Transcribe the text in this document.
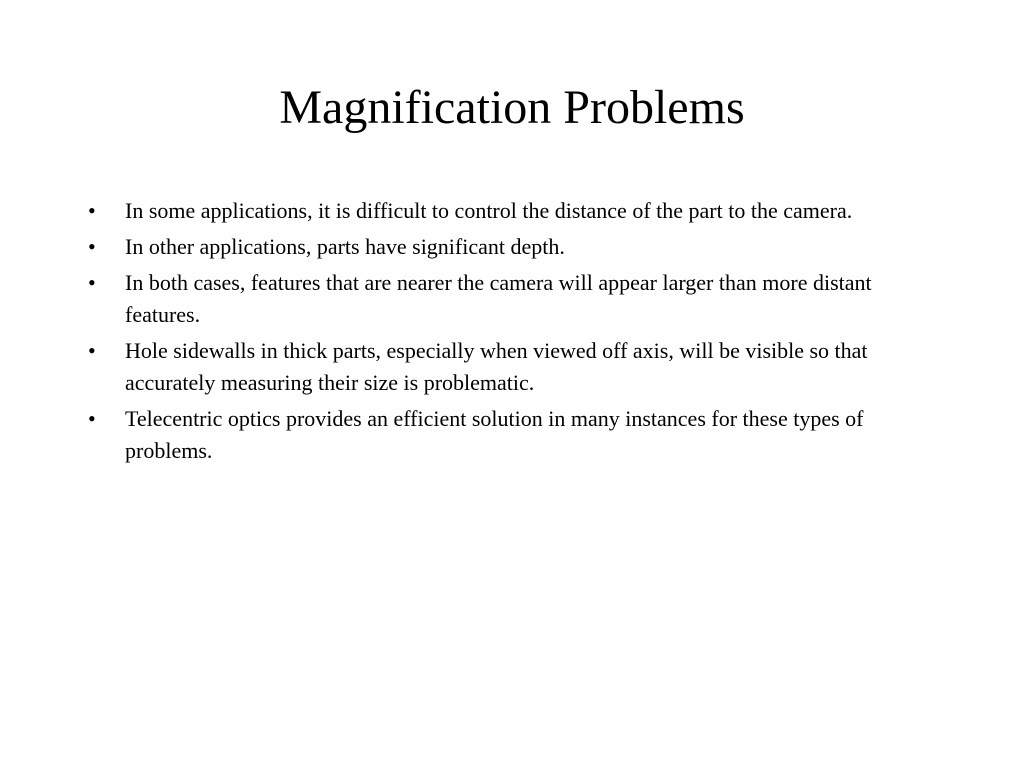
Magnification Problems
•	In some applications, it is difficult to control the distance of the part to the camera.
•	In other applications, parts have significant depth.
•	In both cases, features that are nearer the camera will appear larger than more distant features.
•	Hole sidewalls in thick parts, especially when viewed off axis, will be visible so that accurately measuring their size is problematic.
•	Telecentric optics provides an efficient solution in many instances for these types of problems.
